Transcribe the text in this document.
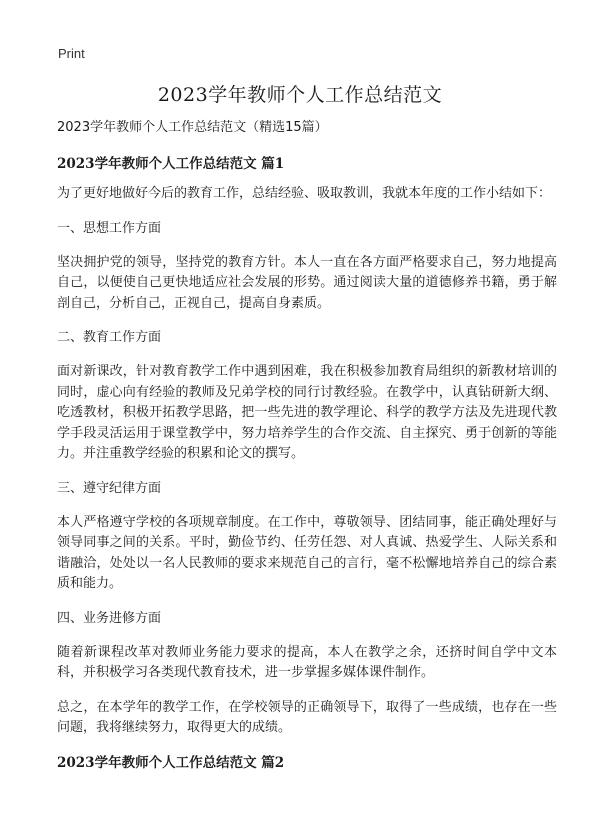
Print
2023学年教师个人工作总结范文

2023学年教师个人工作总结范文（精选15篇）

2023学年教师个人工作总结范文 篇1

为了更好地做好今后的教育工作，总结经验、吸取教训，我就本年度的工作小结如下：

一、思想工作方面

坚决拥护党的领导，坚持党的教育方针。本人一直在各方面严格要求自己，努力地提高自己，以便使自己更快地适应社会发展的形势。通过阅读大量的道德修养书籍，勇于解剖自己，分析自己，正视自己，提高自身素质。

二、教育工作方面

面对新课改，针对教育教学工作中遇到困难，我在积极参加教育局组织的新教材培训的同时，虚心向有经验的教师及兄弟学校的同行讨教经验。在教学中，认真钻研新大纲、吃透教材，积极开拓教学思路，把一些先进的教学理论、科学的教学方法及先进现代教学手段灵活运用于课堂教学中，努力培养学生的合作交流、自主探究、勇于创新的等能力。并注重教学经验的积累和论文的撰写。

三、遵守纪律方面

本人严格遵守学校的各项规章制度。在工作中，尊敬领导、团结同事，能正确处理好与领导同事之间的关系。平时，勤俭节约、任劳任怨、对人真诚、热爱学生、人际关系和谐融洽，处处以一名人民教师的要求来规范自己的言行，毫不松懈地培养自己的综合素质和能力。

四、业务进修方面

随着新课程改革对教师业务能力要求的提高，本人在教学之余，还挤时间自学中文本科，并积极学习各类现代教育技术，进一步掌握多媒体课件制作。

总之，在本学年的教学工作，在学校领导的正确领导下，取得了一些成绩，也存在一些问题，我将继续努力，取得更大的成绩。

2023学年教师个人工作总结范文 篇2
